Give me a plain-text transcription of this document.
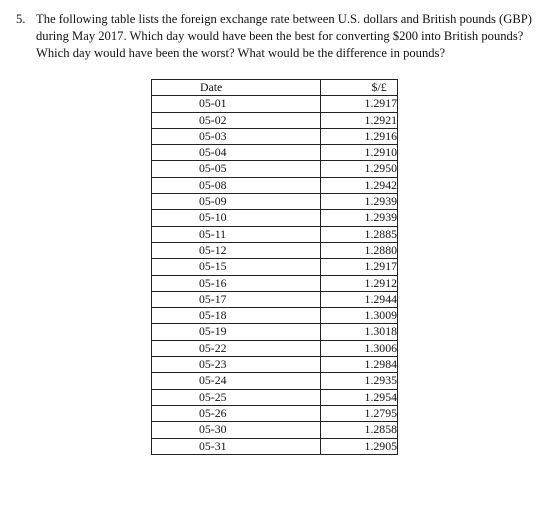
5. The following table lists the foreign exchange rate between U.S. dollars and British pounds (GBP)
during May 2017. Which day would have been the best for converting $200 into British pounds?
Which day would have been the worst? What would be the difference in pounds?
Date	$/£
05-01	1.2917
05-02	1.2921
05-03	1.2916
05-04	1.2910
05-05	1.2950
05-08	1.2942
05-09	1.2939
05-10	1.2939
05-11	1.2885
05-12	1.2880
05-15	1.2917
05-16	1.2912
05-17	1.2944
05-18	1.3009
05-19	1.3018
05-22	1.3006
05-23	1.2984
05-24	1.2935
05-25	1.2954
05-26	1.2795
05-30	1.2858
05-31	1.2905
